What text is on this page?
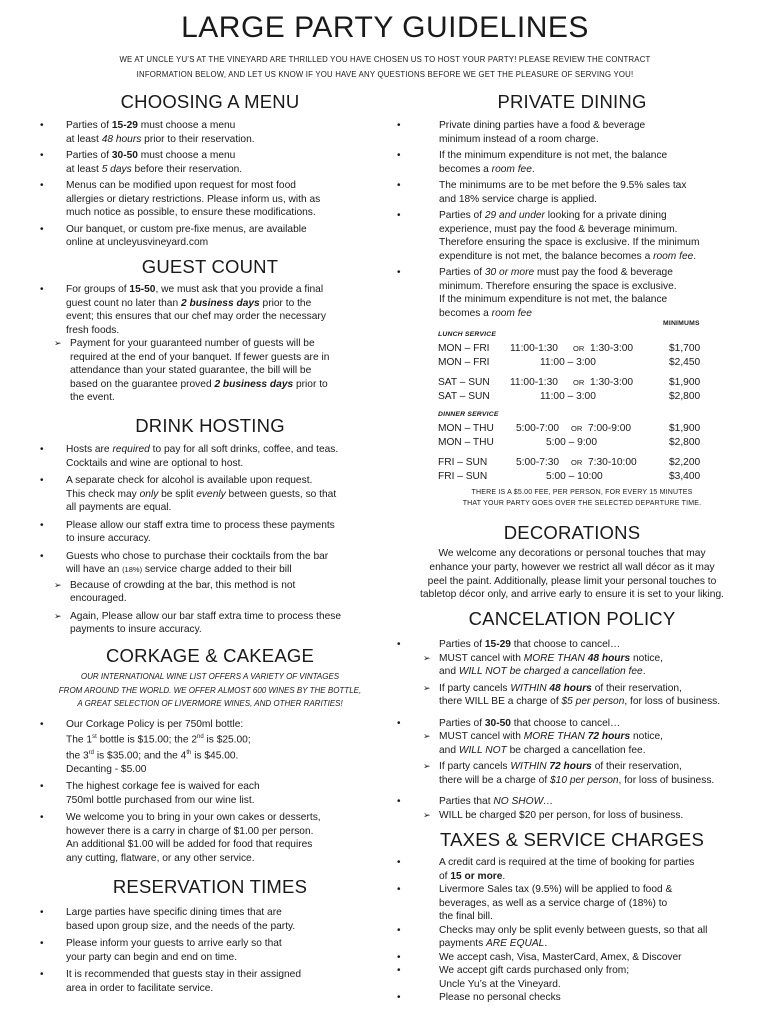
LARGE PARTY GUIDELINES
WE AT UNCLE YU’S AT THE VINEYARD ARE THRILLED YOU HAVE CHOSEN US TO HOST YOUR PARTY! PLEASE REVIEW THE CONTRACT
INFORMATION BELOW, AND LET US KNOW IF YOU HAVE ANY QUESTIONS BEFORE WE GET THE PLEASURE OF SERVING YOU!
CHOOSING A MENU
• Parties of 15-29 must choose a menu
at least 48 hours prior to their reservation.
• Parties of 30-50 must choose a menu
at least 5 days before their reservation.
• Menus can be modified upon request for most food
allergies or dietary restrictions. Please inform us, with as
much notice as possible, to ensure these modifications.
• Our banquet, or custom pre-fixe menus, are available
online at uncleyusvineyard.com
GUEST COUNT
• For groups of 15-50, we must ask that you provide a final
guest count no later than 2 business days prior to the
event; this ensures that our chef may order the necessary
fresh foods.
➢ Payment for your guaranteed number of guests will be
required at the end of your banquet. If fewer guests are in
attendance than your stated guarantee, the bill will be
based on the guarantee proved 2 business days prior to
the event.
DRINK HOSTING
• Hosts are required to pay for all soft drinks, coffee, and teas.
Cocktails and wine are optional to host.
• A separate check for alcohol is available upon request.
This check may only be split evenly between guests, so that
all payments are equal.
• Please allow our staff extra time to process these payments
to insure accuracy.
• Guests who chose to purchase their cocktails from the bar
will have an (18%) service charge added to their bill
➢ Because of crowding at the bar, this method is not
encouraged.
➢ Again, Please allow our bar staff extra time to process these
payments to insure accuracy.
CORKAGE & CAKEAGE
OUR INTERNATIONAL WINE LIST OFFERS A VARIETY OF VINTAGES
FROM AROUND THE WORLD. WE OFFER ALMOST 600 WINES BY THE BOTTLE,
A GREAT SELECTION OF LIVERMORE WINES, AND OTHER RARITIES!
• Our Corkage Policy is per 750ml bottle:
The 1st bottle is $15.00; the 2nd is $25.00;
the 3rd is $35.00; and the 4th is $45.00.
Decanting - $5.00
• The highest corkage fee is waived for each
750ml bottle purchased from our wine list.
• We welcome you to bring in your own cakes or desserts,
however there is a carry in charge of $1.00 per person.
An additional $1.00 will be added for food that requires
any cutting, flatware, or any other service.
RESERVATION TIMES
• Large parties have specific dining times that are
based upon group size, and the needs of the party.
• Please inform your guests to arrive early so that
your party can begin and end on time.
• It is recommended that guests stay in their assigned
area in order to facilitate service.
PRIVATE DINING
• Private dining parties have a food & beverage
minimum instead of a room charge.
• If the minimum expenditure is not met, the balance
becomes a room fee.
• The minimums are to be met before the 9.5% sales tax
and 18% service charge is applied.
• Parties of 29 and under looking for a private dining
experience, must pay the food & beverage minimum.
Therefore ensuring the space is exclusive. If the minimum
expenditure is not met, the balance becomes a room fee.
• Parties of 30 or more must pay the food & beverage
minimum. Therefore ensuring the space is exclusive.
If the minimum expenditure is not met, the balance
becomes a room fee
MINIMUMS
LUNCH SERVICE
MON – FRI 11:00-1:30 OR 1:30-3:00	$1,700
MON – FRI	11:00 – 3:00	$2,450
SAT – SUN 11:00-1:30 OR 1:30-3:00	$1,900
SAT – SUN	11:00 – 3:00	$2,800
DINNER SERVICE
MON – THU 5:00-7:00 OR 7:00-9:00	$1,900
MON – THU	5:00 – 9:00	$2,800
FRI – SUN	5:00-7:30 OR 7:30-10:00	$2,200
FRI – SUN	5:00 – 10:00	$3,400
THERE IS A $5.00 FEE, PER PERSON, FOR EVERY 15 MINUTES
THAT YOUR PARTY GOES OVER THE SELECTED DEPARTURE TIME.
DECORATIONS
We welcome any decorations or personal touches that may
enhance your party, however we restrict all wall décor as it may
peel the paint. Additionally, please limit your personal touches to
tabletop décor only, and arrive early to ensure it is set to your liking.
CANCELATION POLICY
• Parties of 15-29 that choose to cancel…
➢ MUST cancel with MORE THAN 48 hours notice,
and WILL NOT be charged a cancellation fee.
➢ If party cancels WITHIN 48 hours of their reservation,
there WILL BE a charge of $5 per person, for loss of business.
• Parties of 30-50 that choose to cancel…
➢ MUST cancel with MORE THAN 72 hours notice,
and WILL NOT be charged a cancellation fee.
➢ If party cancels WITHIN 72 hours of their reservation,
there will be a charge of $10 per person, for loss of business.
• Parties that NO SHOW…
➢ WILL be charged $20 per person, for loss of business.
TAXES & SERVICE CHARGES
• A credit card is required at the time of booking for parties
of 15 or more.
• Livermore Sales tax (9.5%) will be applied to food &
beverages, as well as a service charge of (18%) to
the final bill.
• Checks may only be split evenly between guests, so that all
payments ARE EQUAL.
• We accept cash, Visa, MasterCard, Amex, & Discover
• We accept gift cards purchased only from;
Uncle Yu’s at the Vineyard.
• Please no personal checks
